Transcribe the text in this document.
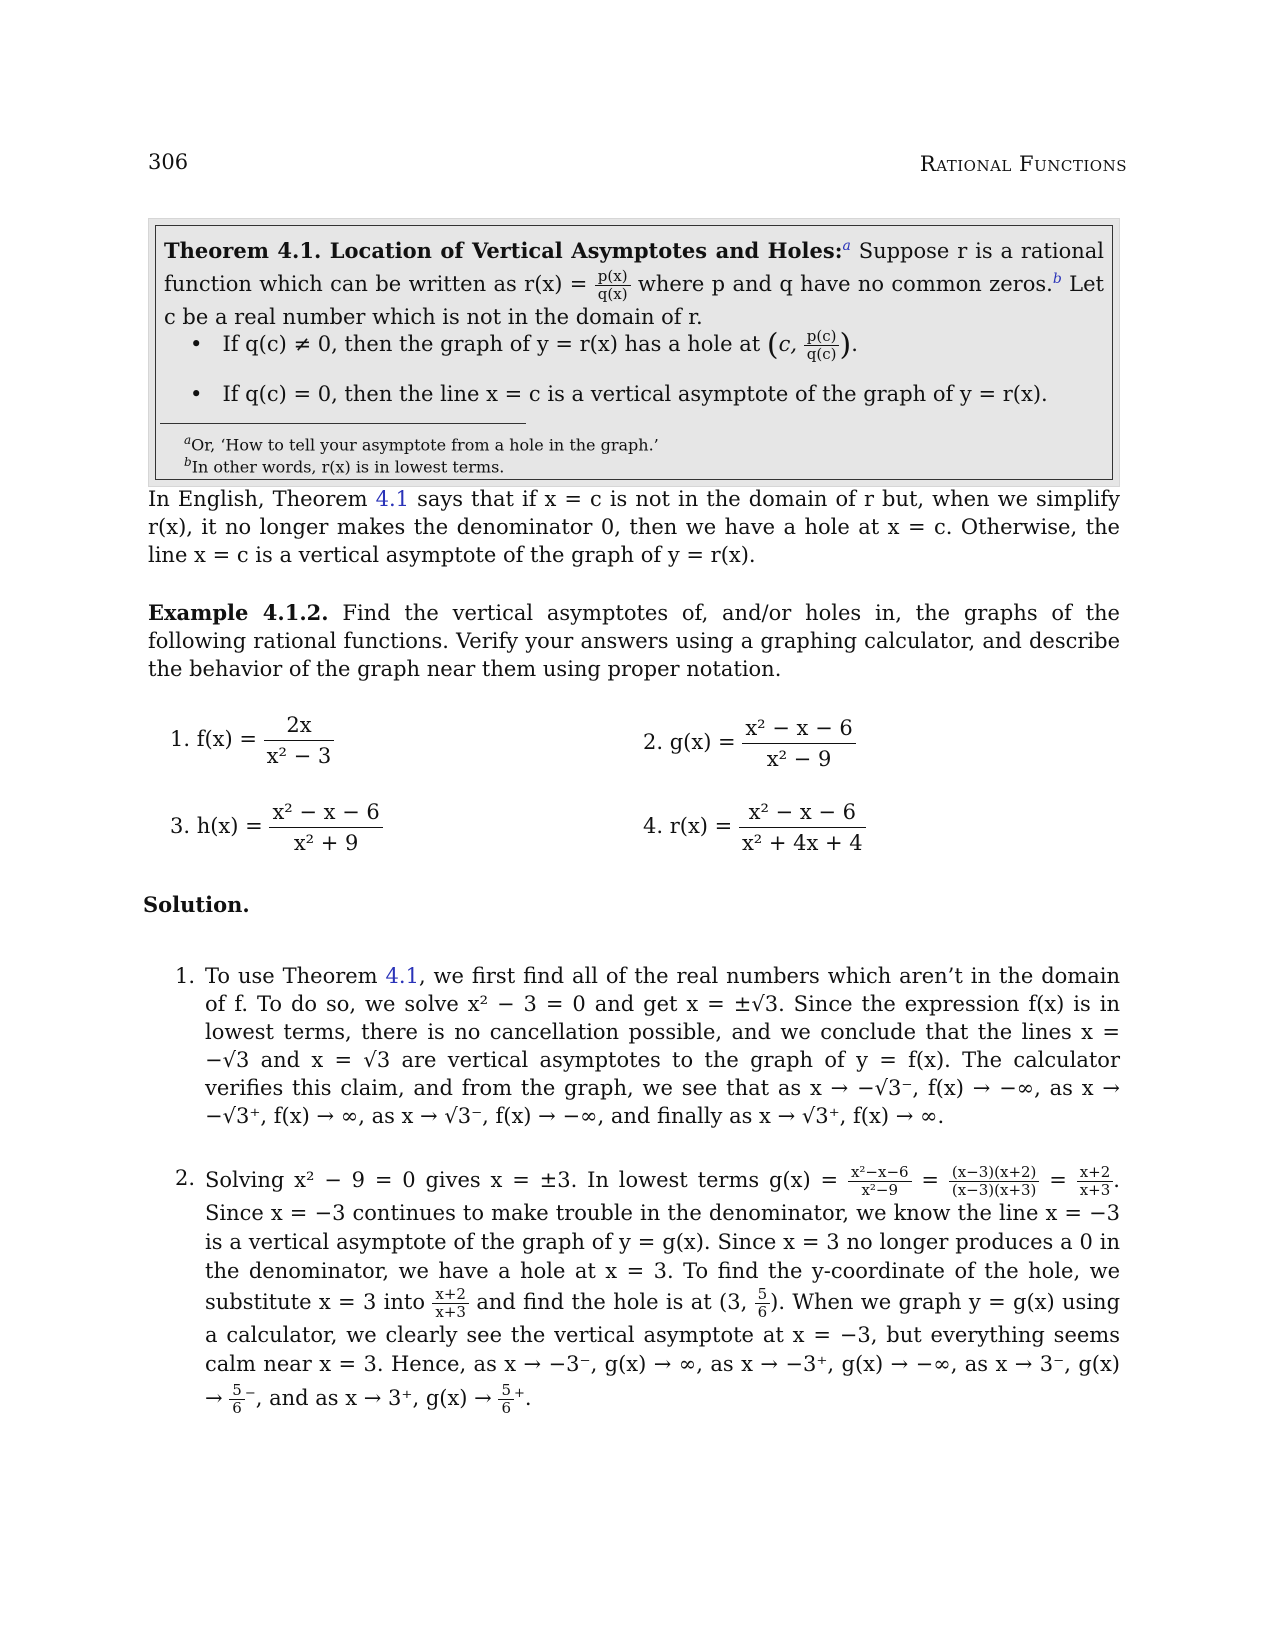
306	Rational Functions
Theorem 4.1. Location of Vertical Asymptotes and Holes:$^a$ Suppose r is a rational function which can be written as $r(x) = \frac{p(x)}{q(x)}$ where p and q have no common zeros.$^b$ Let c be a real number which is not in the domain of r.
•   If q(c) ≠ 0, then the graph of y = r(x) has a hole at (c, $\frac{p(c)}{q(c)}$ ).
•   If q(c) = 0, then the line x = c is a vertical asymptote of the graph of y = r(x).
$^a$Or, ‘How to tell your asymptote from a hole in the graph.’
$^b$In other words, r(x) is in lowest terms.
In English, Theorem 4.1 says that if x = c is not in the domain of r but, when we simplify r(x), it no longer makes the denominator 0, then we have a hole at x = c. Otherwise, the line x = c is a vertical asymptote of the graph of y = r(x).
Example 4.1.2. Find the vertical asymptotes of, and/or holes in, the graphs of the following rational functions. Verify your answers using a graphing calculator, and describe the behavior of the graph near them using proper notation.
1. $f(x) = \frac{2x}{\text{x² − 3}}$	2. $g(x) = \frac{\text{x² − x − 6}}{\text{x² − 9}}$
3. $h(x) = \frac{\text{x² − x − 6}}{\text{x² + 9}}$	4. $r(x) = \frac{\text{x² − x − 6}}{\text{x² + 4x + 4}}$
Solution.
1. To use Theorem 4.1, we first find all of the real numbers which aren’t in the domain of f. To do so, we solve x² − 3 = 0 and get x = ±√3. Since the expression f(x) is in lowest terms, there is no cancellation possible, and we conclude that the lines x = −√3 and x = √3 are vertical asymptotes to the graph of y = f(x). The calculator verifies this claim, and from the graph, we see that as x → −√3⁻, f(x) → −∞, as x → −√3⁺, f(x) → ∞, as x → √3⁻, f(x) → −∞, and finally as x → √3⁺, f(x) → ∞.
2. Solving x² − 9 = 0 gives x = ±3. In lowest terms $g(x) = \frac{\text{x²−x−6}}{\text{x²−9}} = \frac{(x-3)(x+2)}{(x-3)(x+3)} = \frac{x+2}{x+3}$ . Since x = −3 continues to make trouble in the denominator, we know the line x = −3 is a vertical asymptote of the graph of y = g(x). Since x = 3 no longer produces a 0 in the denominator, we have a hole at x = 3. To find the y-coordinate of the hole, we substitute x = 3 into $\frac{x+2}{x+3}$ and find the hole is at (3, $\frac{5}{6}$ ). When we graph y = g(x) using a calculator, we clearly see the vertical asymptote at x = −3, but everything seems calm near x = 3. Hence, as x → −3⁻, g(x) → ∞, as x → −3⁺, g(x) → −∞, as x → 3⁻, $g(x) \to \frac{5}{6} ^-$, and as x → 3⁺, $g(x) \to \frac{5}{6} ^+$.
